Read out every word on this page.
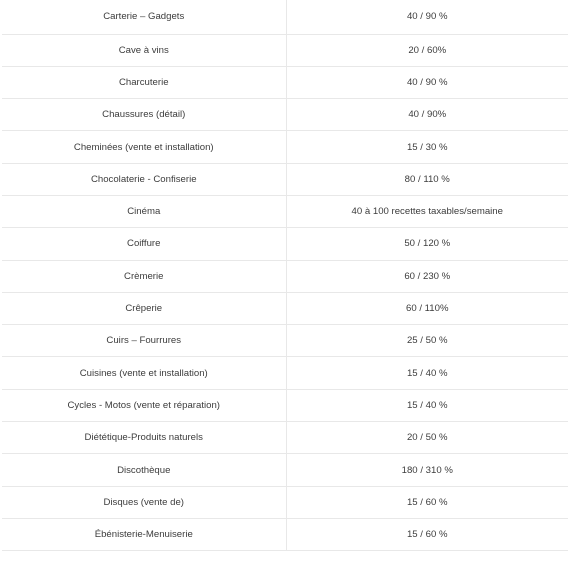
Carterie – Gadgets	40 / 90 %
Cave à vins	20 / 60%
Charcuterie	40 / 90 %
Chaussures (détail)	40 / 90%
Cheminées (vente et installation)	15 / 30 %
Chocolaterie - Confiserie	80 / 110 %
Cinéma	40 à 100 recettes taxables/semaine
Coiffure	50 / 120 %
Crèmerie	60 / 230 %
Crêperie	60 / 110%
Cuirs – Fourrures	25 / 50 %
Cuisines (vente et installation)	15 / 40 %
Cycles - Motos (vente et réparation)	15 / 40 %
Diététique-Produits naturels	20 / 50 %
Discothèque	180 / 310 %
Disques (vente de)	15 / 60 %
Ébénisterie-Menuiserie	15 / 60 %
